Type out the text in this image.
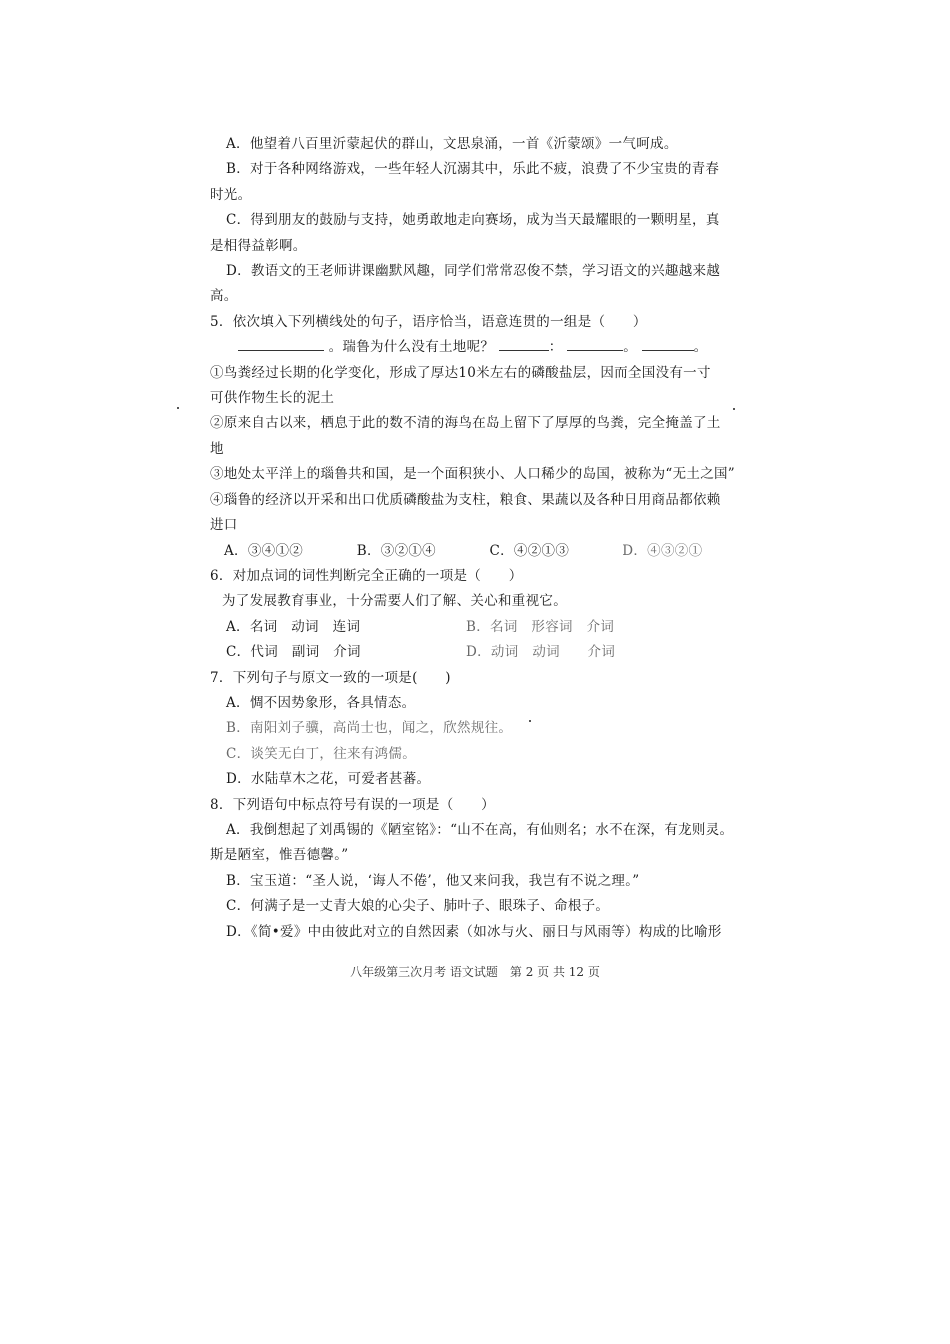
A．他望着八百里沂蒙起伏的群山，文思泉涌，一首《沂蒙颂》一气呵成。
B．对于各种网络游戏，一些年轻人沉溺其中，乐此不疲，浪费了不少宝贵的青春
时光。
C．得到朋友的鼓励与支持，她勇敢地走向赛场，成为当天最耀眼的一颗明星，真
是相得益彰啊。
D．教语文的王老师讲课幽默风趣，同学们常常忍俊不禁，学习语文的兴趣越来越
高。
5．依次填入下列横线处的句子，语序恰当，语意连贯的一组是（　　）
。瑞鲁为什么没有土地呢？	：	。	。
①鸟粪经过长期的化学变化，形成了厚达10米左右的磷酸盐层，因而全国没有一寸
可供作物生长的泥土
②原来自古以来，栖息于此的数不清的海鸟在岛上留下了厚厚的鸟粪，完全掩盖了土
地
③地处太平洋上的瑙鲁共和国，是一个面积狭小、人口稀少的岛国，被称为“无土之国”
④瑙鲁的经济以开采和出口优质磷酸盐为支柱，粮食、果蔬以及各种日用商品都依赖
进口
A．③④①②	B．③②①④	C．④②①③	D．④③②①
6．对加点词的词性判断完全正确的一项是（　　）
为了发展教育事业，十分需要人们了解、关心和重视它。
A．名词　动词　连词	B．名词　形容词　介词
C．代词　副词　介词	D．动词　动词　　介词
7．下列句子与原文一致的一项是(　　)
A．惆不因势象形，各具情态。
B．南阳刘子骥，高尚士也，闻之，欣然规往。
C．谈笑无白丁，往来有鸿儒。
D．水陆草木之花，可爱者甚蕃。
8．下列语句中标点符号有误的一项是（　　）
A．我倒想起了刘禹锡的《陋室铭》：“山不在高，有仙则名；水不在深，有龙则灵。
斯是陋室，惟吾德馨。”
B．宝玉道：“圣人说，‘诲人不倦’，他又来问我，我岂有不说之理。”
C．何满子是一丈青大娘的心尖子、肺叶子、眼珠子、命根子。
D．《简•爱》中由彼此对立的自然因素（如冰与火、丽日与风雨等）构成的比喻形
八年级第三次月考 语文试题　第 2 页 共 12 页
